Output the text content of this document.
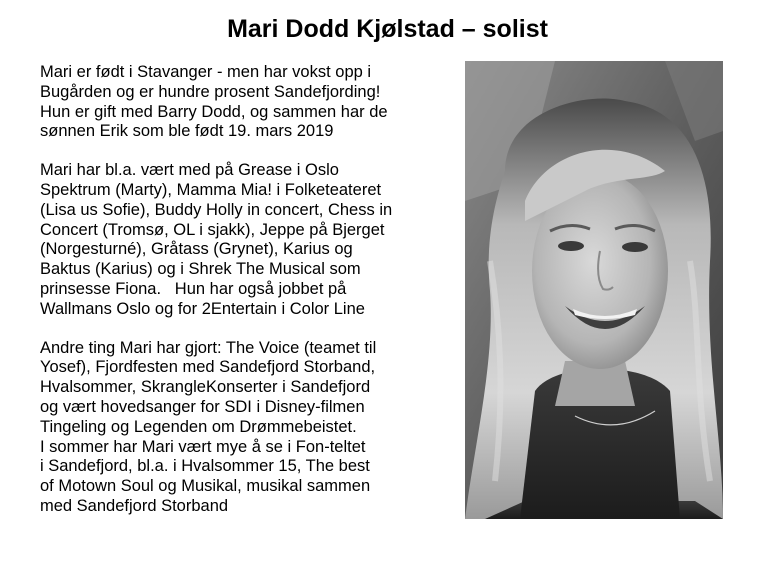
Mari Dodd Kjølstad – solist

Mari er født i Stavanger - men har vokst opp i
Bugården og er hundre prosent Sandefjording!
Hun er gift med Barry Dodd, og sammen har de
sønnen Erik som ble født 19. mars 2019

Mari har bl.a. vært med på Grease i Oslo
Spektrum (Marty), Mamma Mia! i Folketeateret
(Lisa us Sofie), Buddy Holly in concert, Chess in
Concert (Tromsø, OL i sjakk), Jeppe på Bjerget
(Norgesturné), Gråtass (Grynet), Karius og
Baktus (Karius) og i Shrek The Musical som
prinsesse Fiona.   Hun har også jobbet på
Wallmans Oslo og for 2Entertain i Color Line

Andre ting Mari har gjort: The Voice (teamet til
Yosef), Fjordfesten med Sandefjord Storband,
Hvalsommer, SkrangleKonserter i Sandefjord
og vært hovedsanger for SDI i Disney-filmen
Tingeling og Legenden om Drømmebeistet.
I sommer har Mari vært mye å se i Fon-teltet
i Sandefjord, bl.a. i Hvalsommer 15, The best
of Motown Soul og Musikal, musikal sammen
med Sandefjord Storband
